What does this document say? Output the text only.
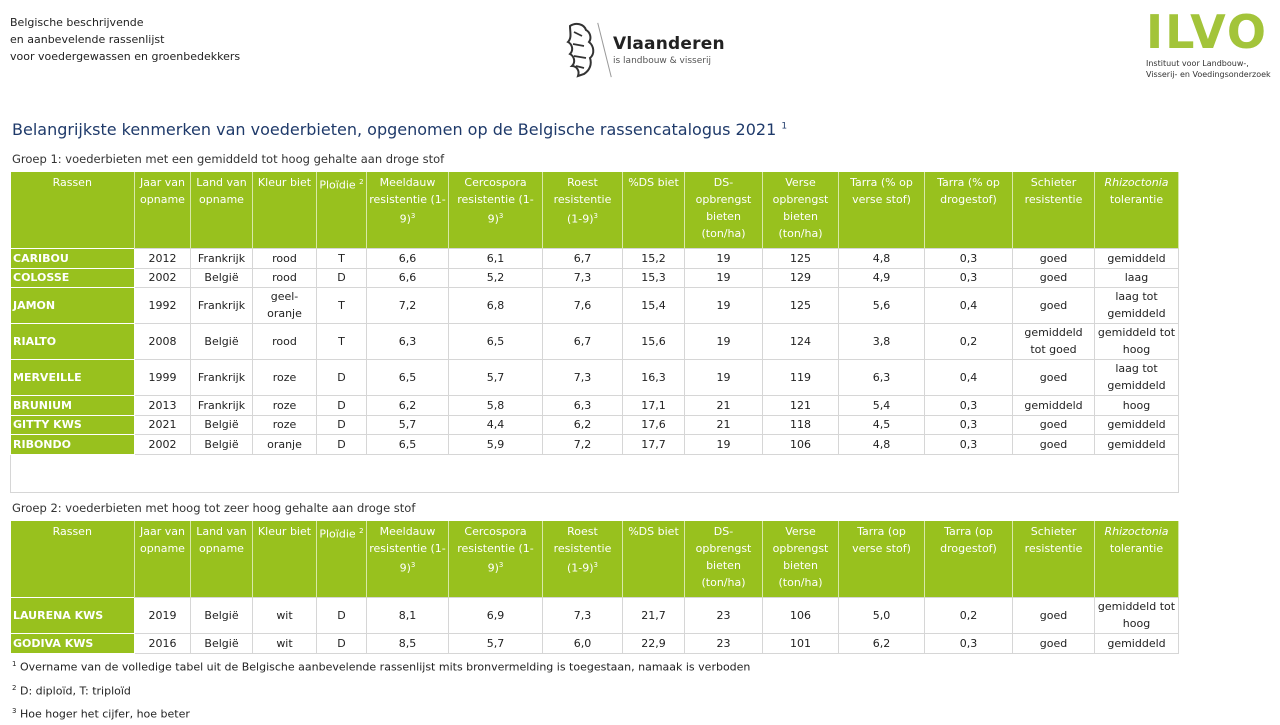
Belgische beschrijvende
en aanbevelende rassenlijst
voor voedergewassen en groenbedekkers
Vlaanderen
is landbouw & visserij
ILVO
Instituut voor Landbouw-,
Visserij- en Voedingsonderzoek
Belangrijkste kenmerken van voederbieten, opgenomen op de Belgische rassencatalogus 2021 $^1$
Groep 1: voederbieten met een gemiddeld tot hoog gehalte aan droge stof
Rassen	Jaar van opname	Land van opname	Kleur biet	Ploïdie $^2$	Meeldauw resistentie $(1-9)^3$	Cercospora resistentie $(1-9)^3$	Roest resistentie $(1-9)^3$	%DS biet	DS-opbrengst bieten (ton/ha)	Verse opbrengst bieten (ton/ha)	Tarra (% op verse stof)	Tarra (% op drogestof)	Schieter resistentie	Rhizoctonia
tolerantie
CARIBOU	2012	Frankrijk	rood	T	6,6	6,1	6,7	15,2	19	125	4,8	0,3	goed	gemiddeld
COLOSSE	2002	België	rood	D	6,6	5,2	7,3	15,3	19	129	4,9	0,3	goed	laag
JAMON	1992	Frankrijk	geel-oranje	T	7,2	6,8	7,6	15,4	19	125	5,6	0,4	goed	laag tot gemiddeld
RIALTO	2008	België	rood	T	6,3	6,5	6,7	15,6	19	124	3,8	0,2	gemiddeld tot goed	gemiddeld tot hoog
MERVEILLE	1999	Frankrijk	roze	D	6,5	5,7	7,3	16,3	19	119	6,3	0,4	goed	laag tot gemiddeld
BRUNIUM	2013	Frankrijk	roze	D	6,2	5,8	6,3	17,1	21	121	5,4	0,3	gemiddeld	hoog
GITTY KWS	2021	België	roze	D	5,7	4,4	6,2	17,6	21	118	4,5	0,3	goed	gemiddeld
RIBONDO	2002	België	oranje	D	6,5	5,9	7,2	17,7	19	106	4,8	0,3	goed	gemiddeld

Groep 2: voederbieten met hoog tot zeer hoog gehalte aan droge stof
Rassen	Jaar van opname	Land van opname	Kleur biet	Ploïdie $^2$	Meeldauw resistentie $(1-9)^3$	Cercospora resistentie $(1-9)^3$	Roest resistentie $(1-9)^3$	%DS biet	DS-opbrengst bieten (ton/ha)	Verse opbrengst bieten (ton/ha)	Tarra (op verse stof)	Tarra (op drogestof)	Schieter resistentie	Rhizoctonia
tolerantie
LAURENA KWS	2019	België	wit	D	8,1	6,9	7,3	21,7	23	106	5,0	0,2	goed	gemiddeld tot hoog
GODIVA KWS	2016	België	wit	D	8,5	5,7	6,0	22,9	23	101	6,2	0,3	goed	gemiddeld
$^1$ Overname van de volledige tabel uit de Belgische aanbevelende rassenlijst mits bronvermelding is toegestaan, namaak is verboden
$^2$ D: diploïd, T: triploïd
$^3$ Hoe hoger het cijfer, hoe beter
